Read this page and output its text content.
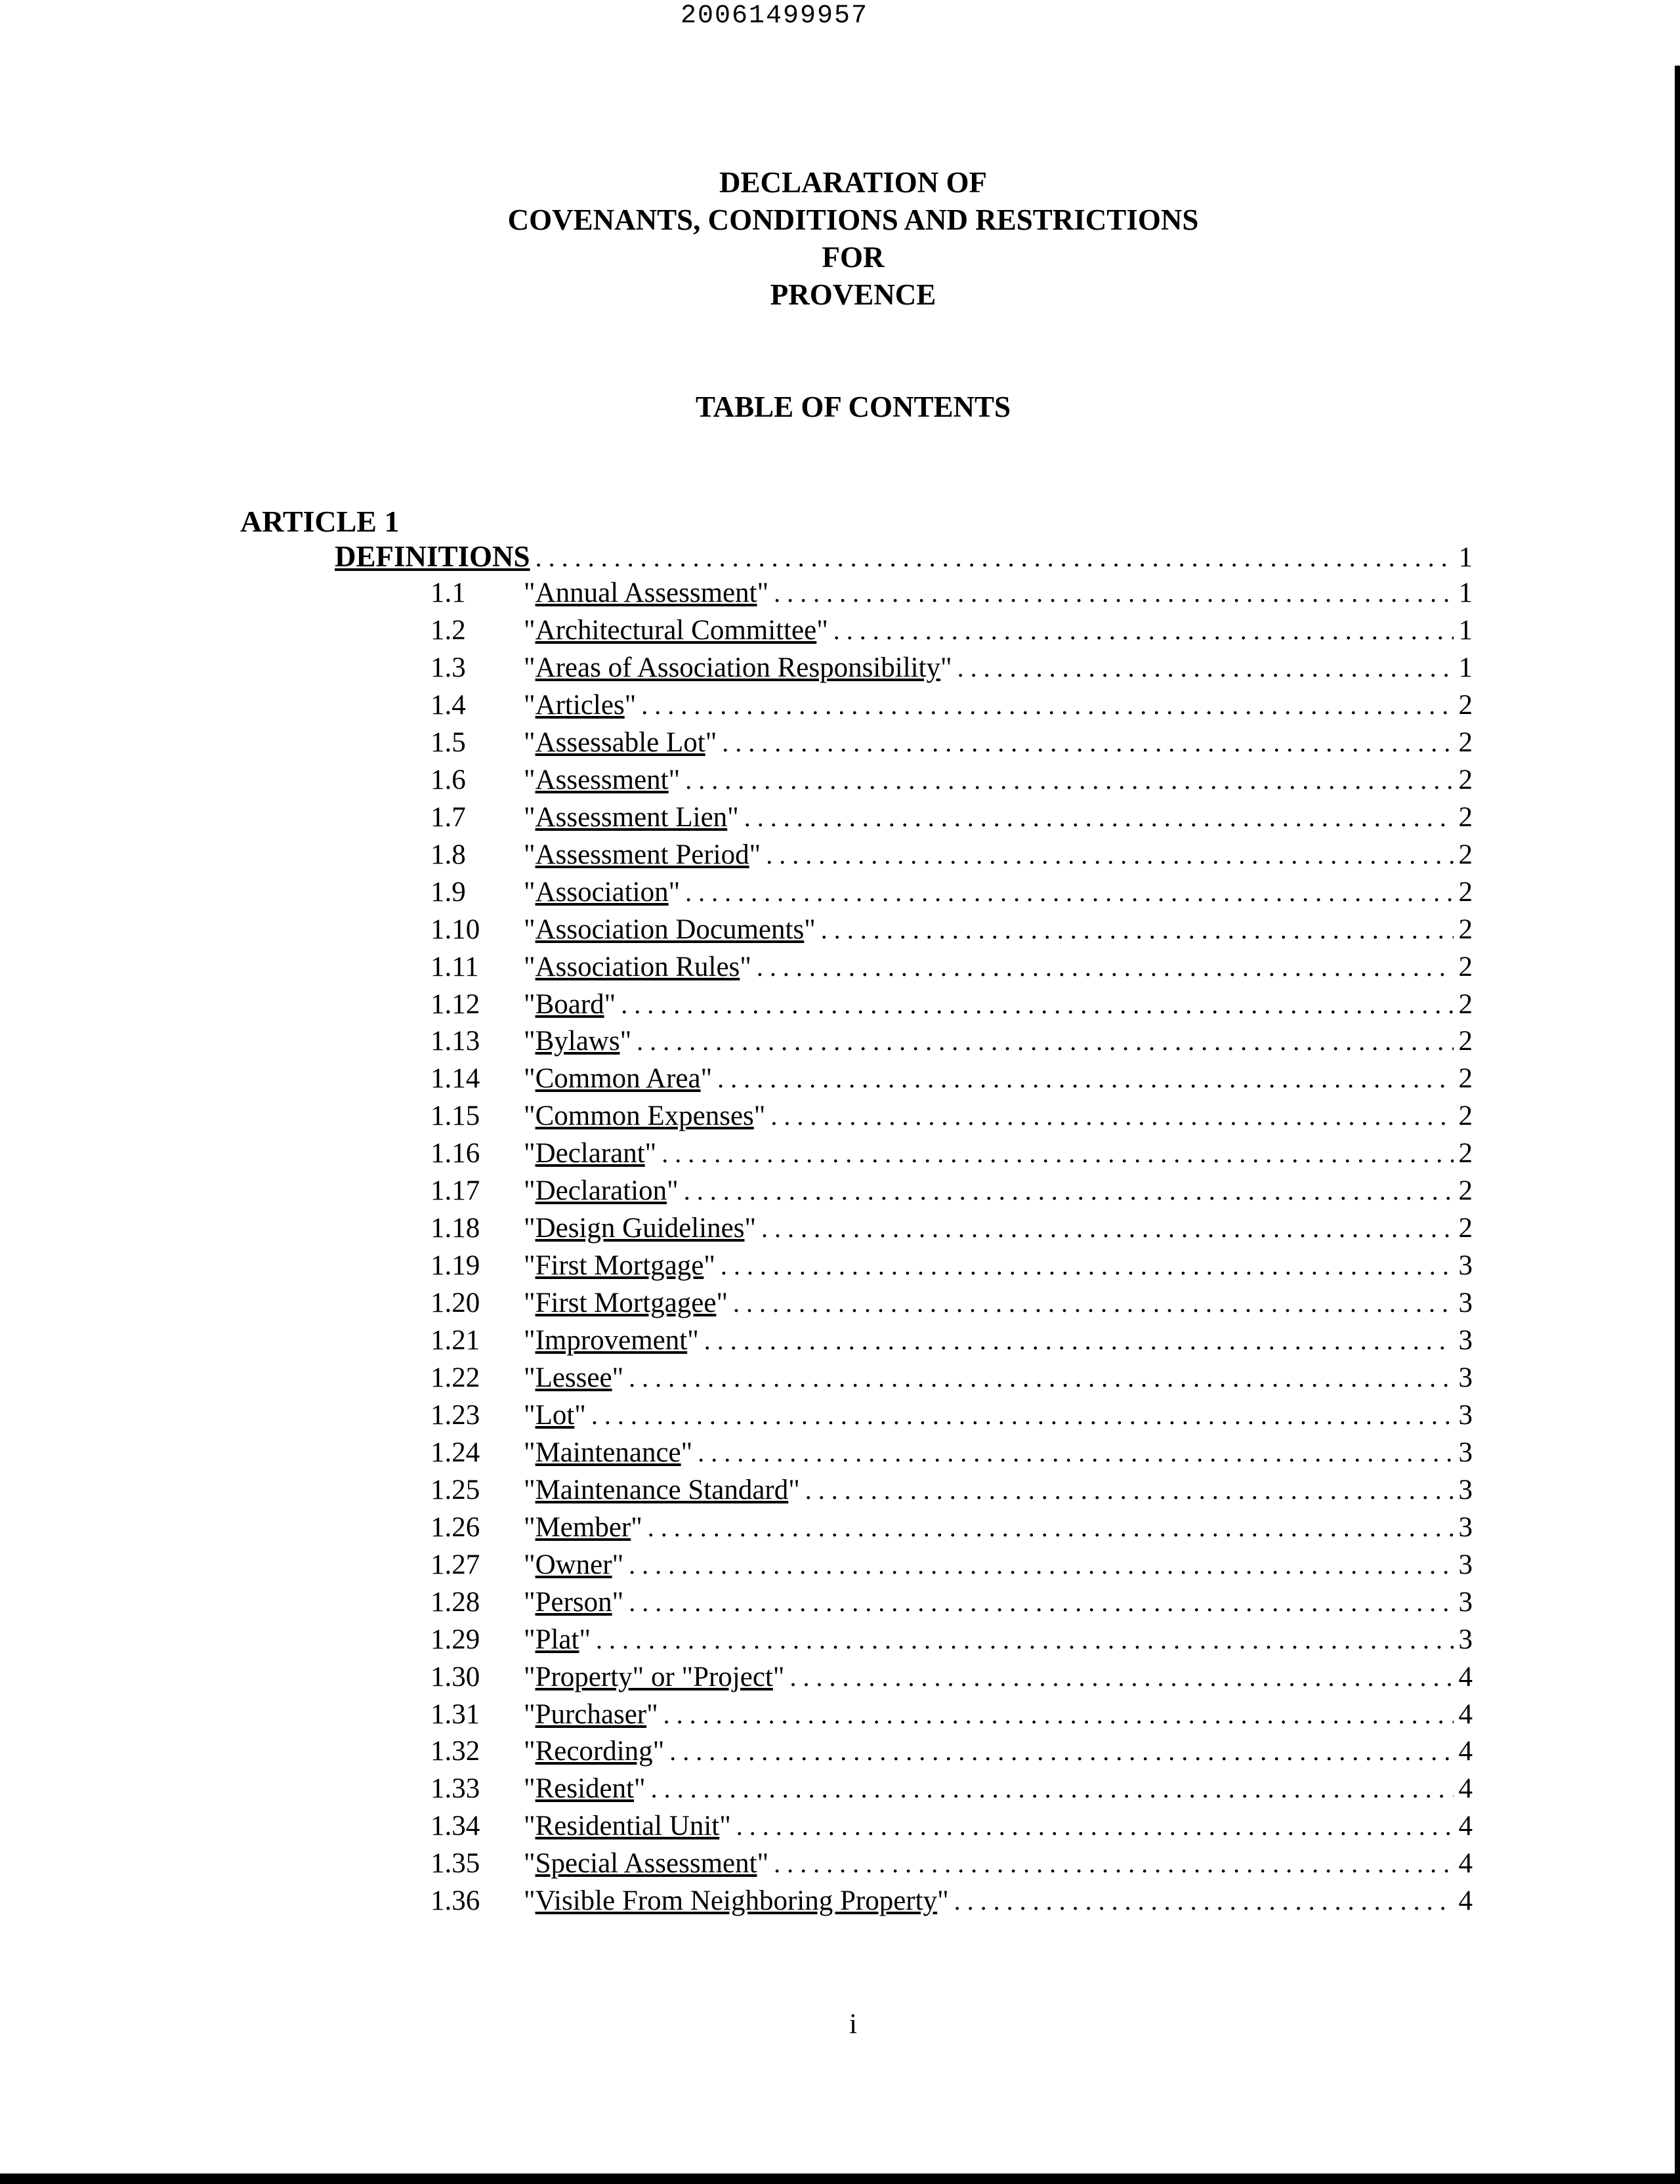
20061499957
DECLARATION OF
COVENANTS, CONDITIONS AND RESTRICTIONS
FOR
PROVENCE
TABLE OF CONTENTS
ARTICLE 1
DEFINITIONS . . .	1
1.1	"Annual Assessment" . . .	1
1.2	"Architectural Committee" . . .	1
1.3	"Areas of Association Responsibility" . . .	1
1.4	"Articles" . . .	2
1.5	"Assessable Lot" . . .	2
1.6	"Assessment" . . .	2
1.7	"Assessment Lien" . . .	2
1.8	"Assessment Period" . . .	2
1.9	"Association" . . .	2
1.10	"Association Documents" . . .	2
1.11	"Association Rules" . . .	2
1.12	"Board" . . .	2
1.13	"Bylaws" . . .	2
1.14	"Common Area" . . .	2
1.15	"Common Expenses" . . .	2
1.16	"Declarant" . . .	2
1.17	"Declaration" . . .	2
1.18	"Design Guidelines" . . .	2
1.19	"First Mortgage" . . .	3
1.20	"First Mortgagee" . . .	3
1.21	"Improvement" . . .	3
1.22	"Lessee" . . .	3
1.23	"Lot" . . .	3
1.24	"Maintenance" . . .	3
1.25	"Maintenance Standard" . . .	3
1.26	"Member" . . .	3
1.27	"Owner" . . .	3
1.28	"Person" . . .	3
1.29	"Plat" . . .	3
1.30	"Property" or "Project" . . .	4
1.31	"Purchaser" . . .	4
1.32	"Recording" . . .	4
1.33	"Resident" . . .	4
1.34	"Residential Unit" . . .	4
1.35	"Special Assessment" . . .	4
1.36	"Visible From Neighboring Property" . . .	4
i
